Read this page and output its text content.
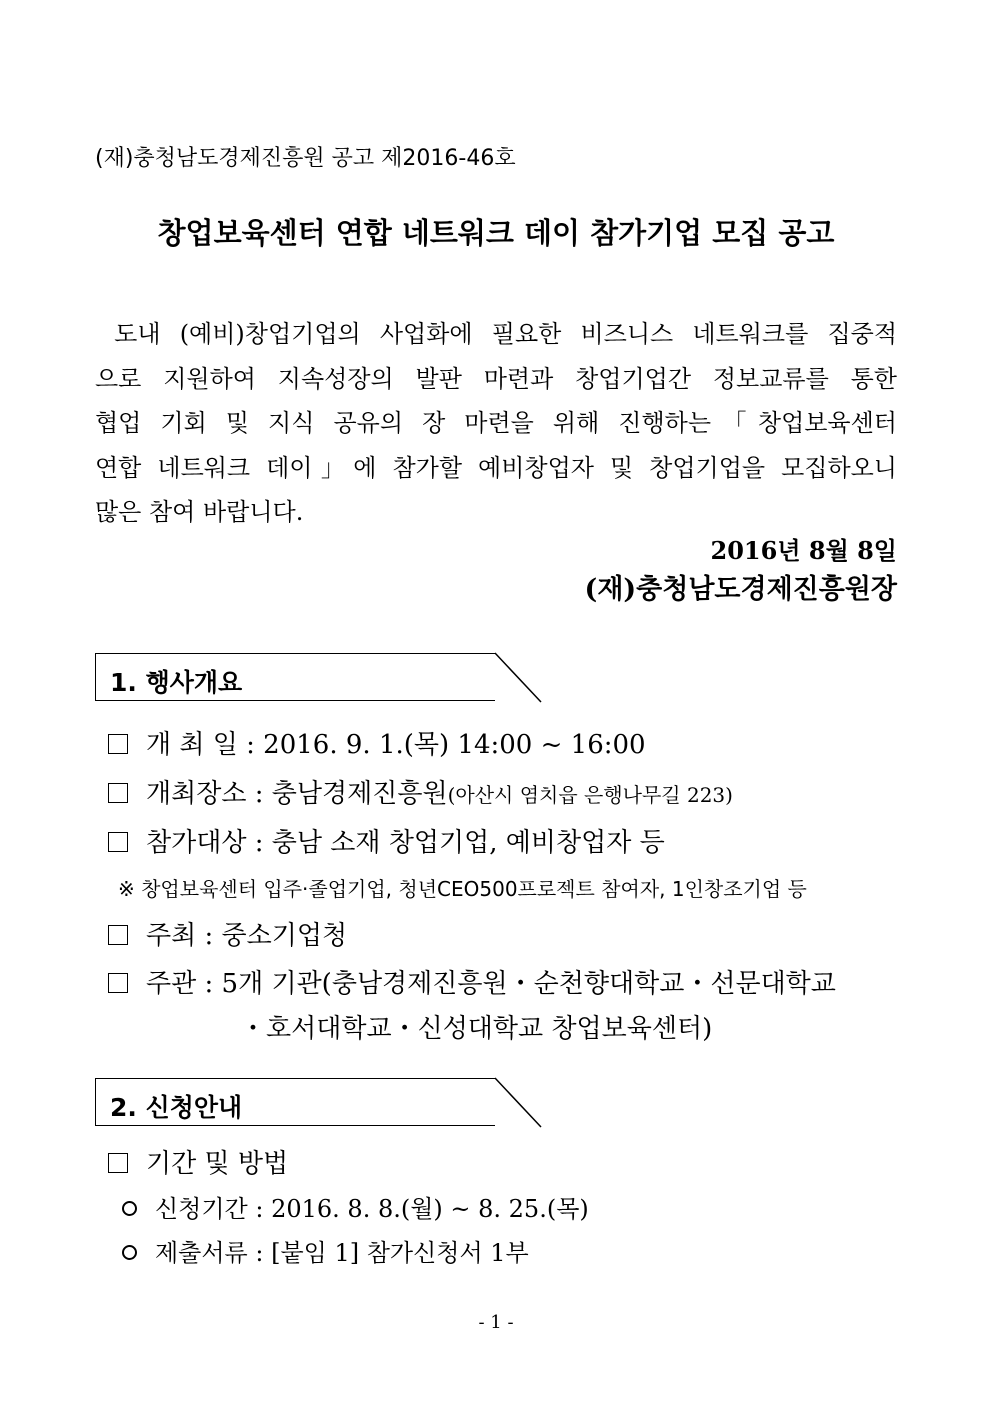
(재)충청남도경제진흥원 공고 제2016-46호
창업보육센터 연합 네트워크 데이 참가기업 모집 공고
도내 (예비)창업기업의 사업화에 필요한 비즈니스 네트워크를 집중적
으로 지원하여 지속성장의 발판 마련과 창업기업간 정보교류를 통한
협업 기회 및 지식 공유의 장 마련을 위해 진행하는「창업보육센터
연합 네트워크 데이」에 참가할 예비창업자 및 창업기업을 모집하오니
많은 참여 바랍니다.
2016년 8월 8일
(재)충청남도경제진흥원장
1. 행사개요
개 최 일 : 2016. 9. 1.(목) 14:00 ~ 16:00
개최장소 : 충남경제진흥원(아산시 염치읍 은행나무길 223)
참가대상 : 충남 소재 창업기업, 예비창업자 등
※ 창업보육센터 입주·졸업기업, 청년CEO500프로젝트 참여자, 1인창조기업 등
주최 : 중소기업청
주관 : 5개 기관(충남경제진흥원・순천향대학교・선문대학교
・호서대학교・신성대학교 창업보육센터)
2. 신청안내
기간 및 방법
신청기간 : 2016. 8. 8.(월) ~ 8. 25.(목)
제출서류 : [붙임 1] 참가신청서 1부
- 1 -
